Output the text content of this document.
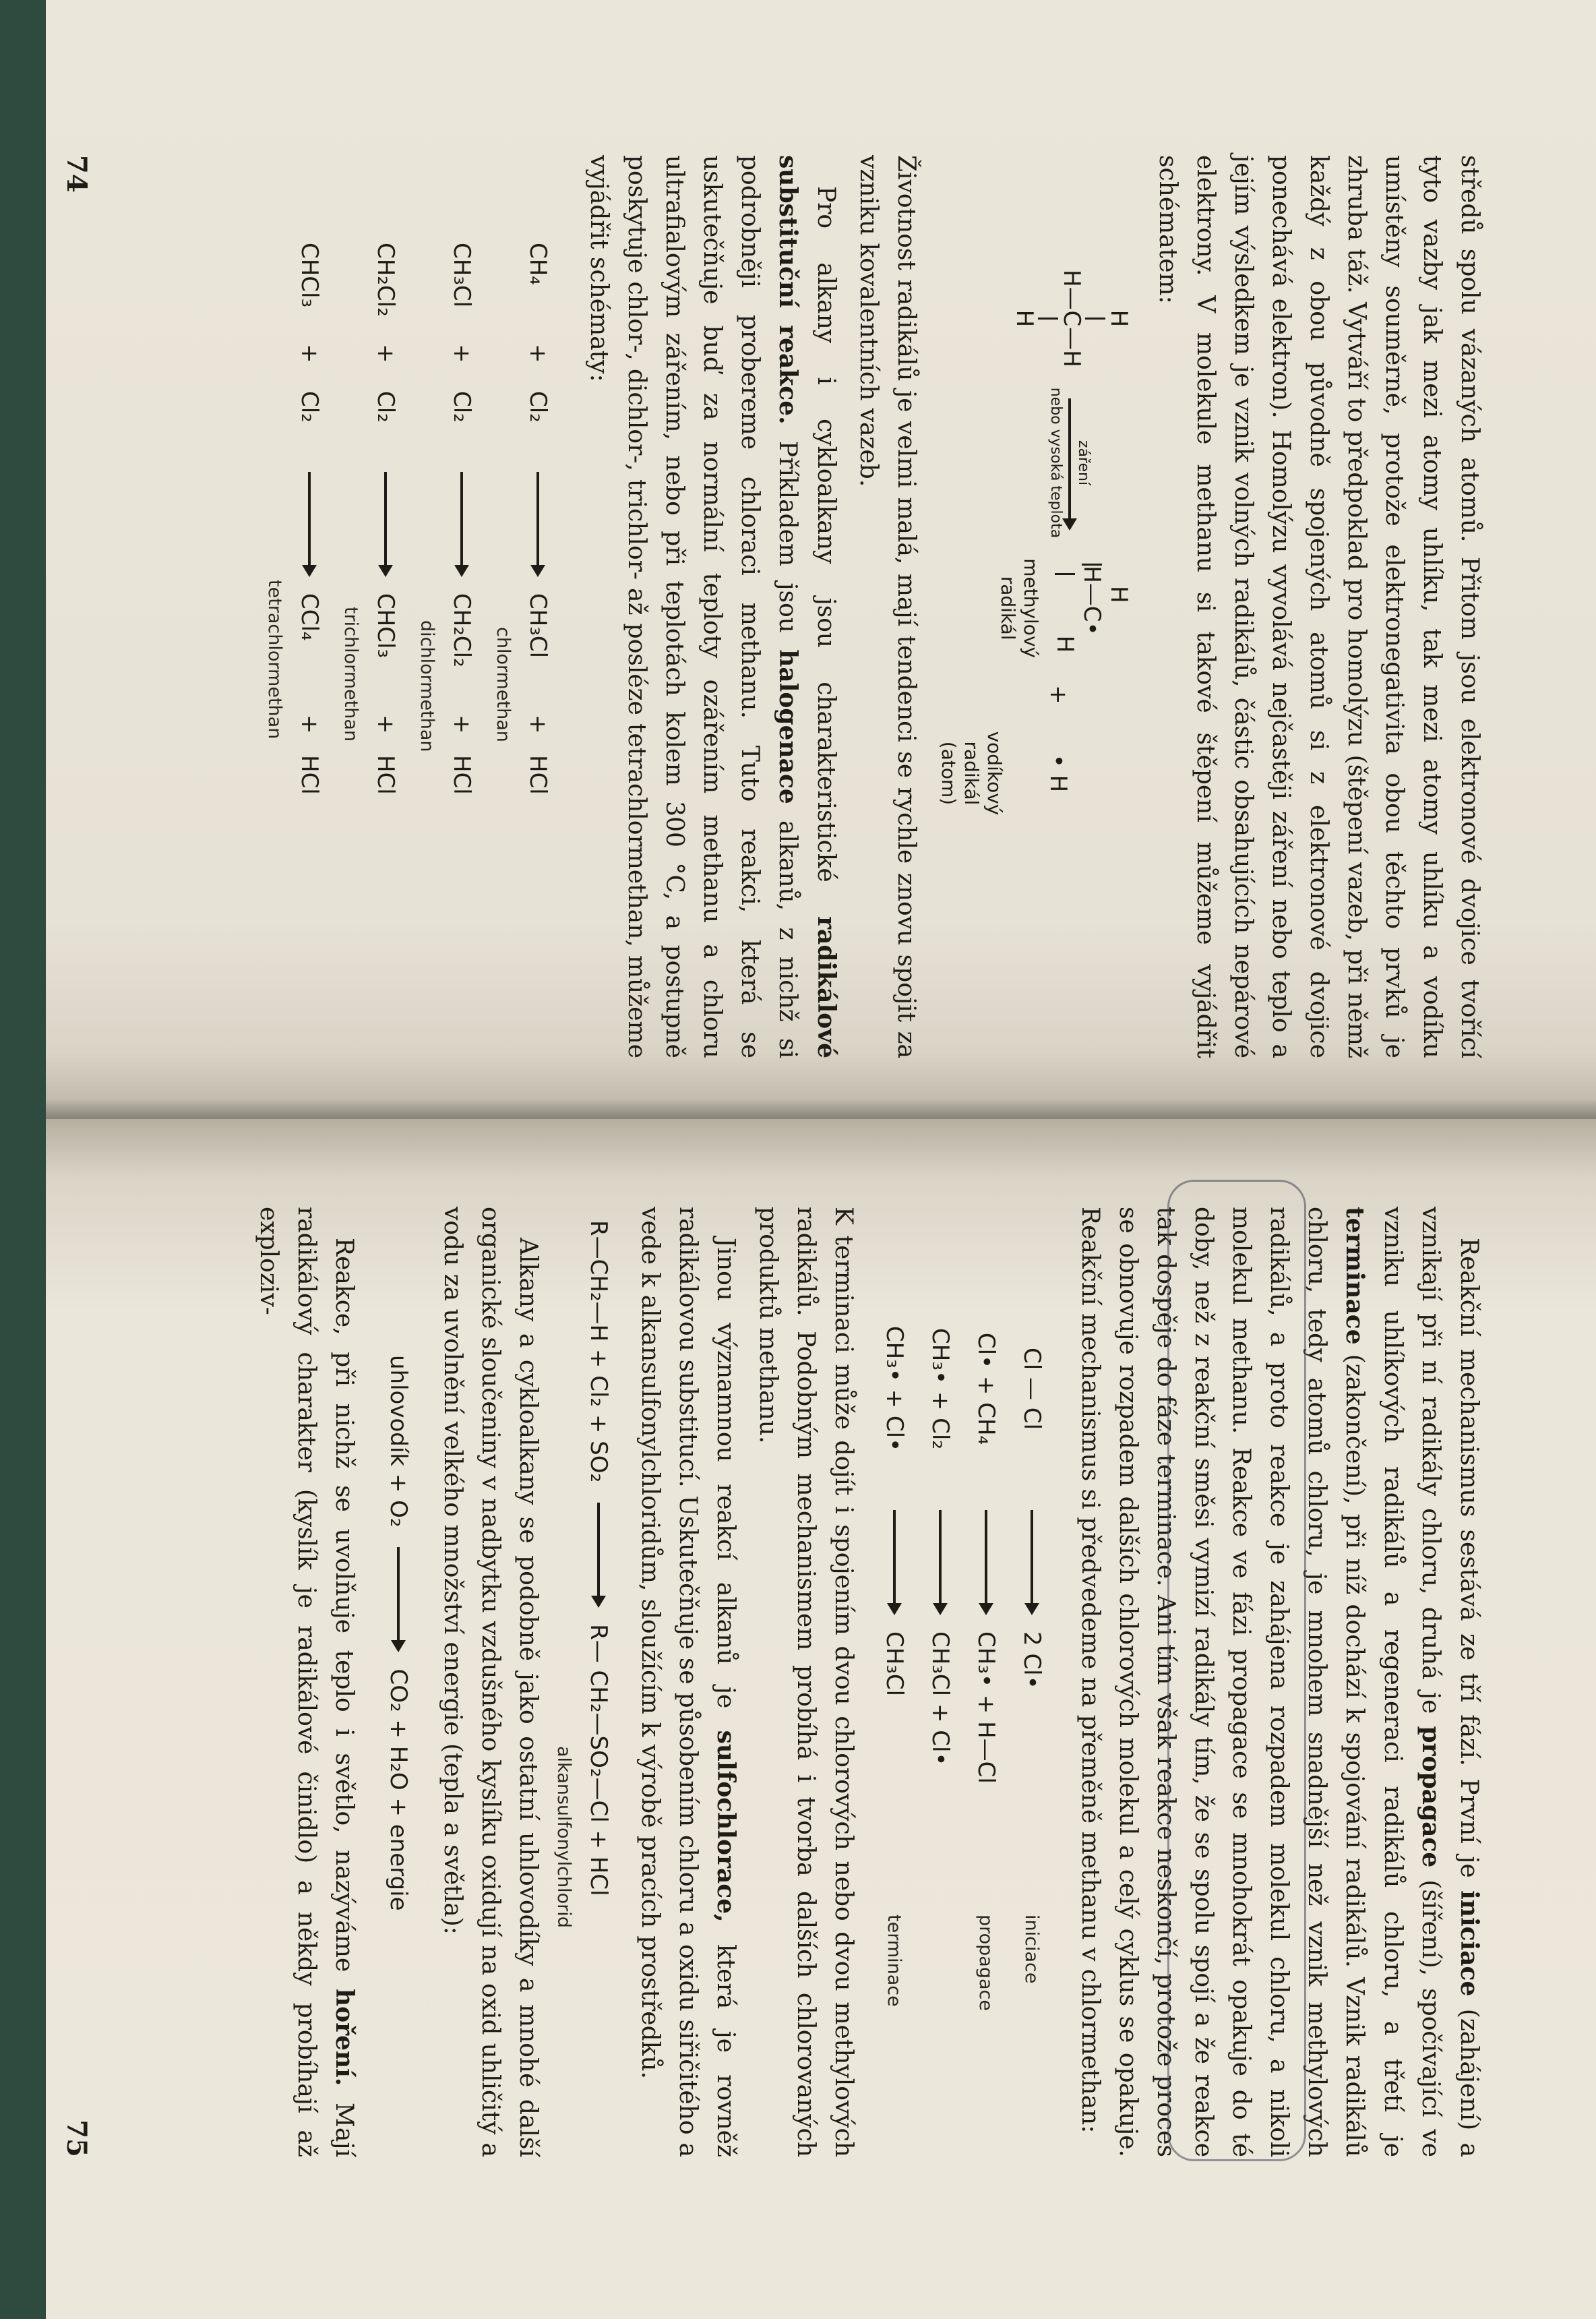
středů spolu vázaných atomů. Přitom jsou elektronové dvojice tvořící tyto vazby jak mezi atomy uhlíku, tak mezi atomy uhlíku a vodíku umístěny souměrně, protože elektronegativita obou těchto prvků je zhruba táž. Vytváří to předpoklad pro homolýzu (štěpení vazeb, při němž každý z obou původně spojených atomů si z elektronové dvojice ponechává elektron). Homolýzu vyvolává nejčastěji záření nebo teplo a jejím výsledkem je vznik volných radikálů, částic obsahujících nepárové elektrony. V molekule methanu si takové štěpení můžeme vyjádřit schématem:

H
H
—
C
—
H
H
záření
nebo vysoká teplota
H
H
—
C•
H
methylový
radikál
+
• H
vodíkový
radikál
(atom)

Životnost radikálů je velmi malá, mají tendenci se rychle znovu spojit za vzniku kovalentních vazeb.

Pro alkany i cykloalkany jsou charakteristické radikálové substituční reakce. Příkladem jsou halogenace alkanů, z nichž si podrobněji probereme chloraci methanu. Tuto reakci, která se uskutečňuje buď za normální teploty ozářením methanu a chloru ultrafialovým zářením, nebo při teplotách kolem 300 °C, a postupně poskytuje chlor-, dichlor-, trichlor- až posléze tetrachlormethan, můžeme vyjádřit schématy:

CH₄
+
Cl₂
CH₃Cl
+
HCl
chlormethan
CH₃Cl
+
Cl₂
CH₂Cl₂
+
HCl
dichlormethan
CH₂Cl₂
+
Cl₂
CHCl₃
+
HCl
trichlormethan
CHCl₃
+
Cl₂
CCl₄
+
HCl
tetrachlormethan
74

Reakční mechanismus sestává ze tří fází. První je iniciace (zahájení) a vznikají při ní radikály chloru, druhá je propagace (šíření), spočívající ve vzniku uhlíkových radikálů a regeneraci radikálů chloru, a třetí je terminace (zakončení), při níž dochází k spojování radikálů. Vznik radikálů chloru, tedy atomů chloru, je mnohem snadnější než vznik methylových radikálů, a proto reakce je zahájena rozpadem molekul chloru, a nikoli molekul methanu. Reakce ve fázi propagace se mnohokrát opakuje do té doby, než z reakční směsi vymizí radikály tím, že se spolu spojí a že reakce tak dospěje do fáze terminace. Ani tím však reakce neskončí, protože proces se obnovuje rozpadem dalších chlorových molekul a celý cyklus se opakuje. Reakční mechanismus si předvedeme na přeměně methanu v chlormethan:

Cl — Cl
2 Cl•
iniciace
Cl• + CH₄
CH₃• + H—Cl
propagace
CH₃• + Cl₂
CH₃Cl + Cl•
CH₃• + Cl•
CH₃Cl
terminace

K terminaci může dojít i spojením dvou chlorových nebo dvou methylových radikálů. Podobným mechanismem probíhá i tvorba dalších chlorovaných produktů methanu.

Jinou významnou reakcí alkanů je sulfochlorace, která je rovněž radikálovou substitucí. Uskutečňuje se působením chloru a oxidu siřičitého a vede k alkansulfonylchloridům, sloužícím k výrobě pracích prostředků.

R—CH₂—H + Cl₂ + SO₂
R— CH₂—SO₂—Cl + HCl
alkansulfonylchlorid

Alkany a cykloalkany se podobně jako ostatní uhlovodíky a mnohé další organické sloučeniny v nadbytku vzdušného kyslíku oxidují na oxid uhličitý a vodu za uvolnění velkého množství energie (tepla a světla):

uhlovodík + O₂
CO₂ + H₂O + energie

Reakce, při nichž se uvolňuje teplo i světlo, nazýváme hoření. Mají radikálový charakter (kyslík je radikálové činidlo) a někdy probíhají až exploziv-

75
